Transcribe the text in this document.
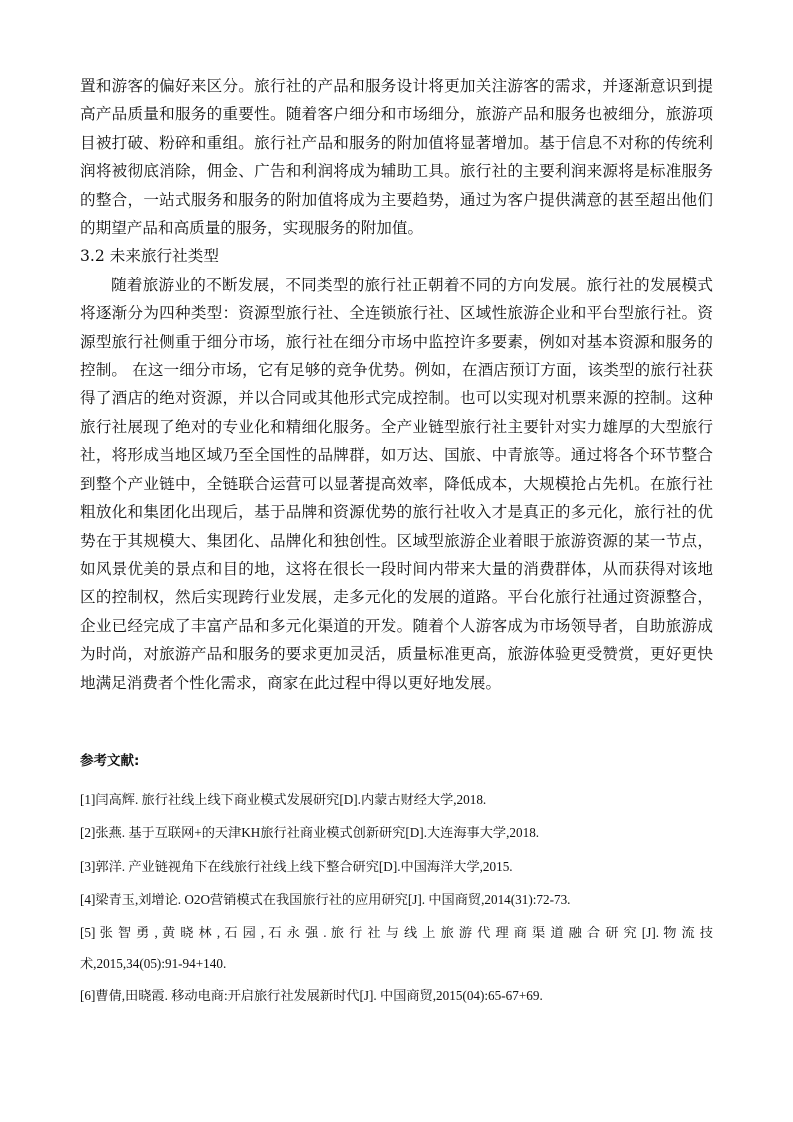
置和游客的偏好来区分。旅行社的产品和服务设计将更加关注游客的需求，并逐渐意识到提高产品质量和服务的重要性。随着客户细分和市场细分，旅游产品和服务也被细分，旅游项目被打破、粉碎和重组。旅行社产品和服务的附加值将显著增加。基于信息不对称的传统利润将被彻底消除，佣金、广告和利润将成为辅助工具。旅行社的主要利润来源将是标准服务的整合，一站式服务和服务的附加值将成为主要趋势，通过为客户提供满意的甚至超出他们的期望产品和高质量的服务，实现服务的附加值。

3.2 未来旅行社类型

随着旅游业的不断发展，不同类型的旅行社正朝着不同的方向发展。旅行社的发展模式将逐渐分为四种类型：资源型旅行社、全连锁旅行社、区域性旅游企业和平台型旅行社。资源型旅行社侧重于细分市场，旅行社在细分市场中监控许多要素，例如对基本资源和服务的控制。 在这一细分市场，它有足够的竞争优势。例如，在酒店预订方面，该类型的旅行社获得了酒店的绝对资源，并以合同或其他形式完成控制。也可以实现对机票来源的控制。这种旅行社展现了绝对的专业化和精细化服务。全产业链型旅行社主要针对实力雄厚的大型旅行社，将形成当地区域乃至全国性的品牌群，如万达、国旅、中青旅等。通过将各个环节整合到整个产业链中，全链联合运营可以显著提高效率，降低成本，大规模抢占先机。在旅行社粗放化和集团化出现后，基于品牌和资源优势的旅行社收入才是真正的多元化，旅行社的优势在于其规模大、集团化、品牌化和独创性。区域型旅游企业着眼于旅游资源的某一节点，如风景优美的景点和目的地，这将在很长一段时间内带来大量的消费群体，从而获得对该地区的控制权，然后实现跨行业发展，走多元化的发展的道路。平台化旅行社通过资源整合，企业已经完成了丰富产品和多元化渠道的开发。随着个人游客成为市场领导者，自助旅游成为时尚，对旅游产品和服务的要求更加灵活，质量标准更高，旅游体验更受赞赏，更好更快地满足消费者个性化需求，商家在此过程中得以更好地发展。

参考文献:
[1]闫高辉. 旅行社线上线下商业模式发展研究[D].内蒙古财经大学,2018.
[2]张燕. 基于互联网+的天津KH旅行社商业模式创新研究[D].大连海事大学,2018.
[3]郭洋. 产业链视角下在线旅行社线上线下整合研究[D].中国海洋大学,2015.
[4]梁青玉,刘增论. O2O营销模式在我国旅行社的应用研究[J]. 中国商贸,2014(31):72-73.
[5] 张 智 勇 , 黄 晓 林 , 石 园 , 石 永 强 . 旅 行 社 与 线 上 旅 游 代 理 商 渠 道 融 合 研 究 [J]. 物 流 技 术,2015,34(05):91-94+140.
[6]曹倩,田晓霞. 移动电商:开启旅行社发展新时代[J]. 中国商贸,2015(04):65-67+69.
